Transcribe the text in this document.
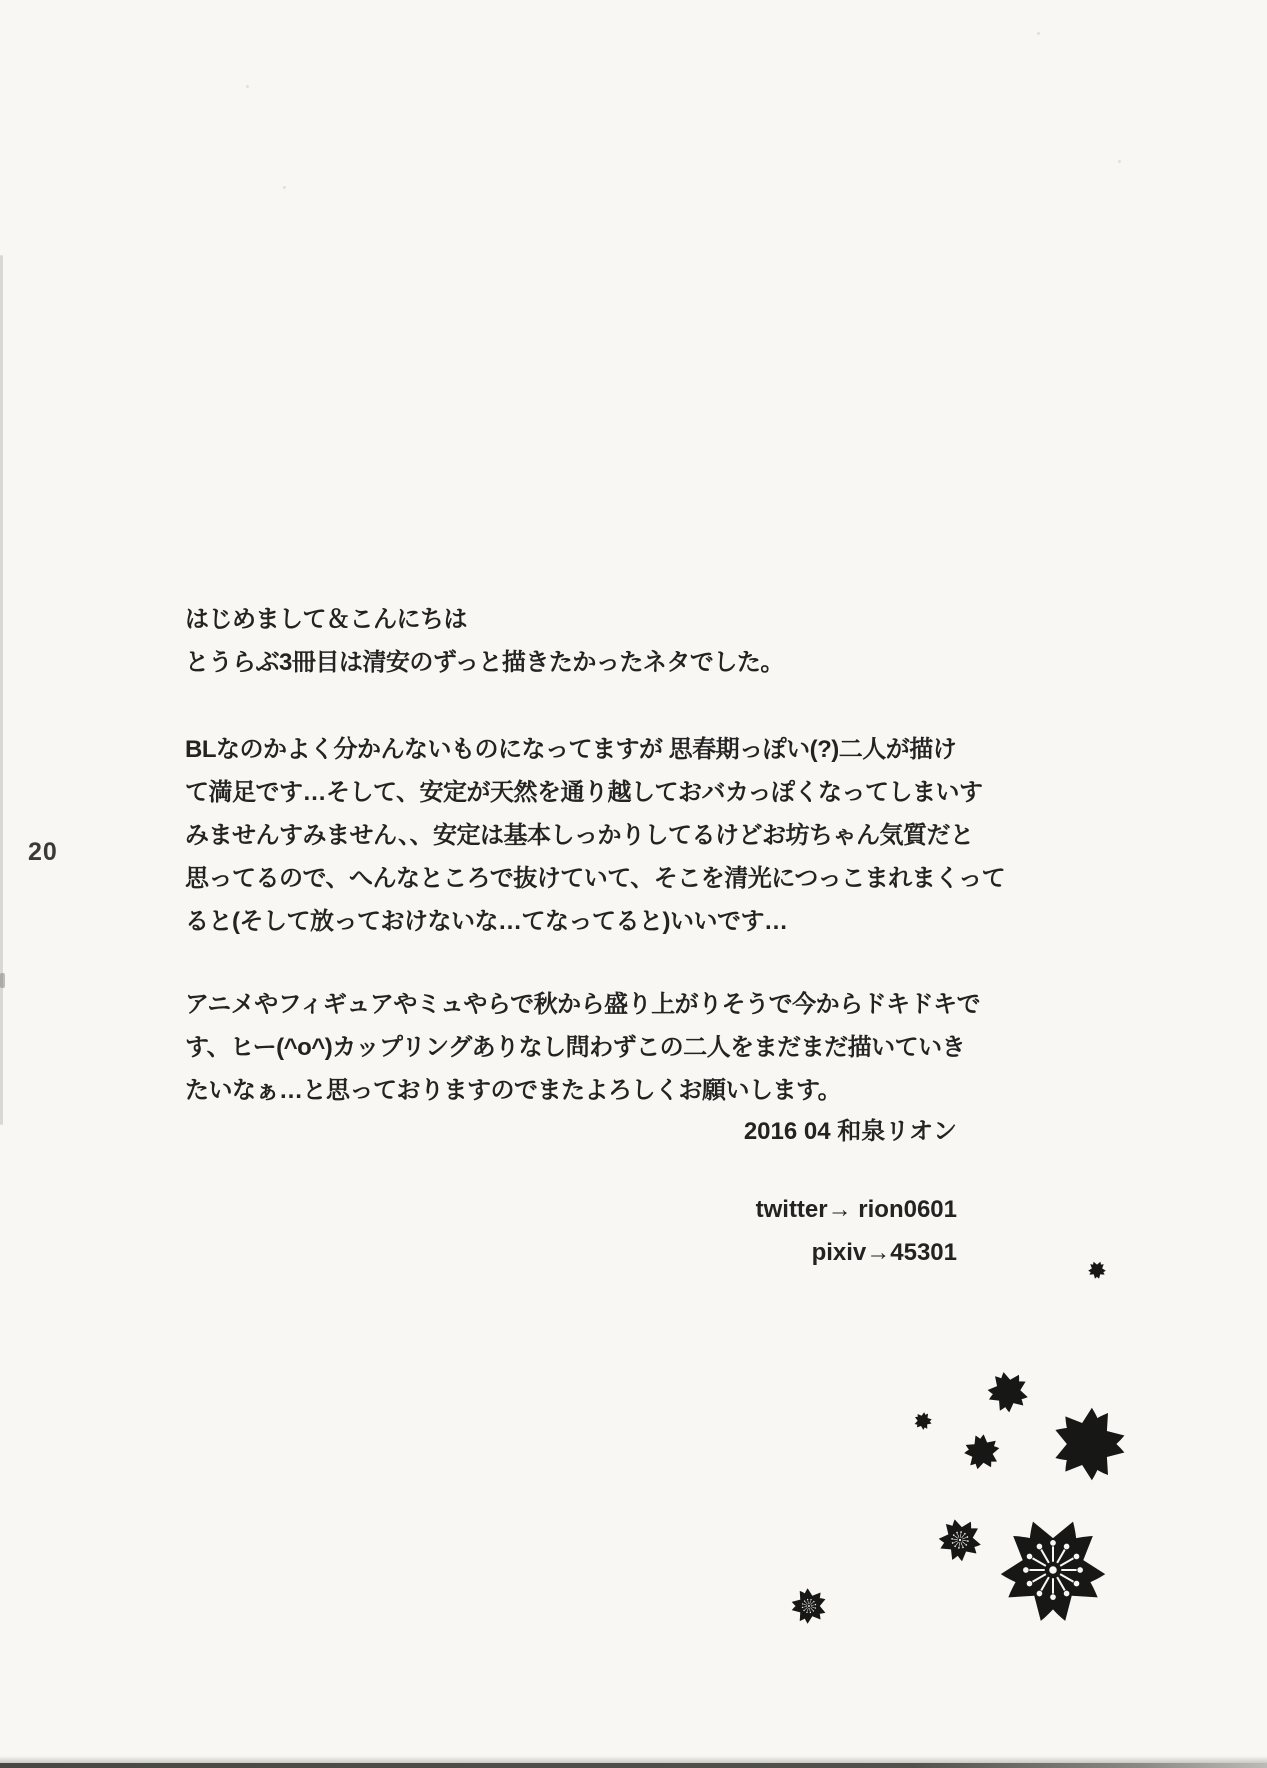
20
はじめまして＆こんにちは
とうらぶ3冊目は清安のずっと描きたかったネタでした。
BLなのかよく分かんないものになってますが 思春期っぽい(?)二人が描け
て満足です…そして、安定が天然を通り越しておバカっぽくなってしまいす
みませんすみません、、安定は基本しっかりしてるけどお坊ちゃん気質だと
思ってるので、へんなところで抜けていて、そこを清光につっこまれまくって
ると(そして放っておけないな…てなってると)いいです…
アニメやフィギュアやミュやらで秋から盛り上がりそうで今からドキドキで
す、ヒー(^o^)カップリングありなし問わずこの二人をまだまだ描いていき
たいなぁ…と思っておりますのでまたよろしくお願いします。
2016 04 和泉リオン
twitter→ rion0601
pixiv→45301
